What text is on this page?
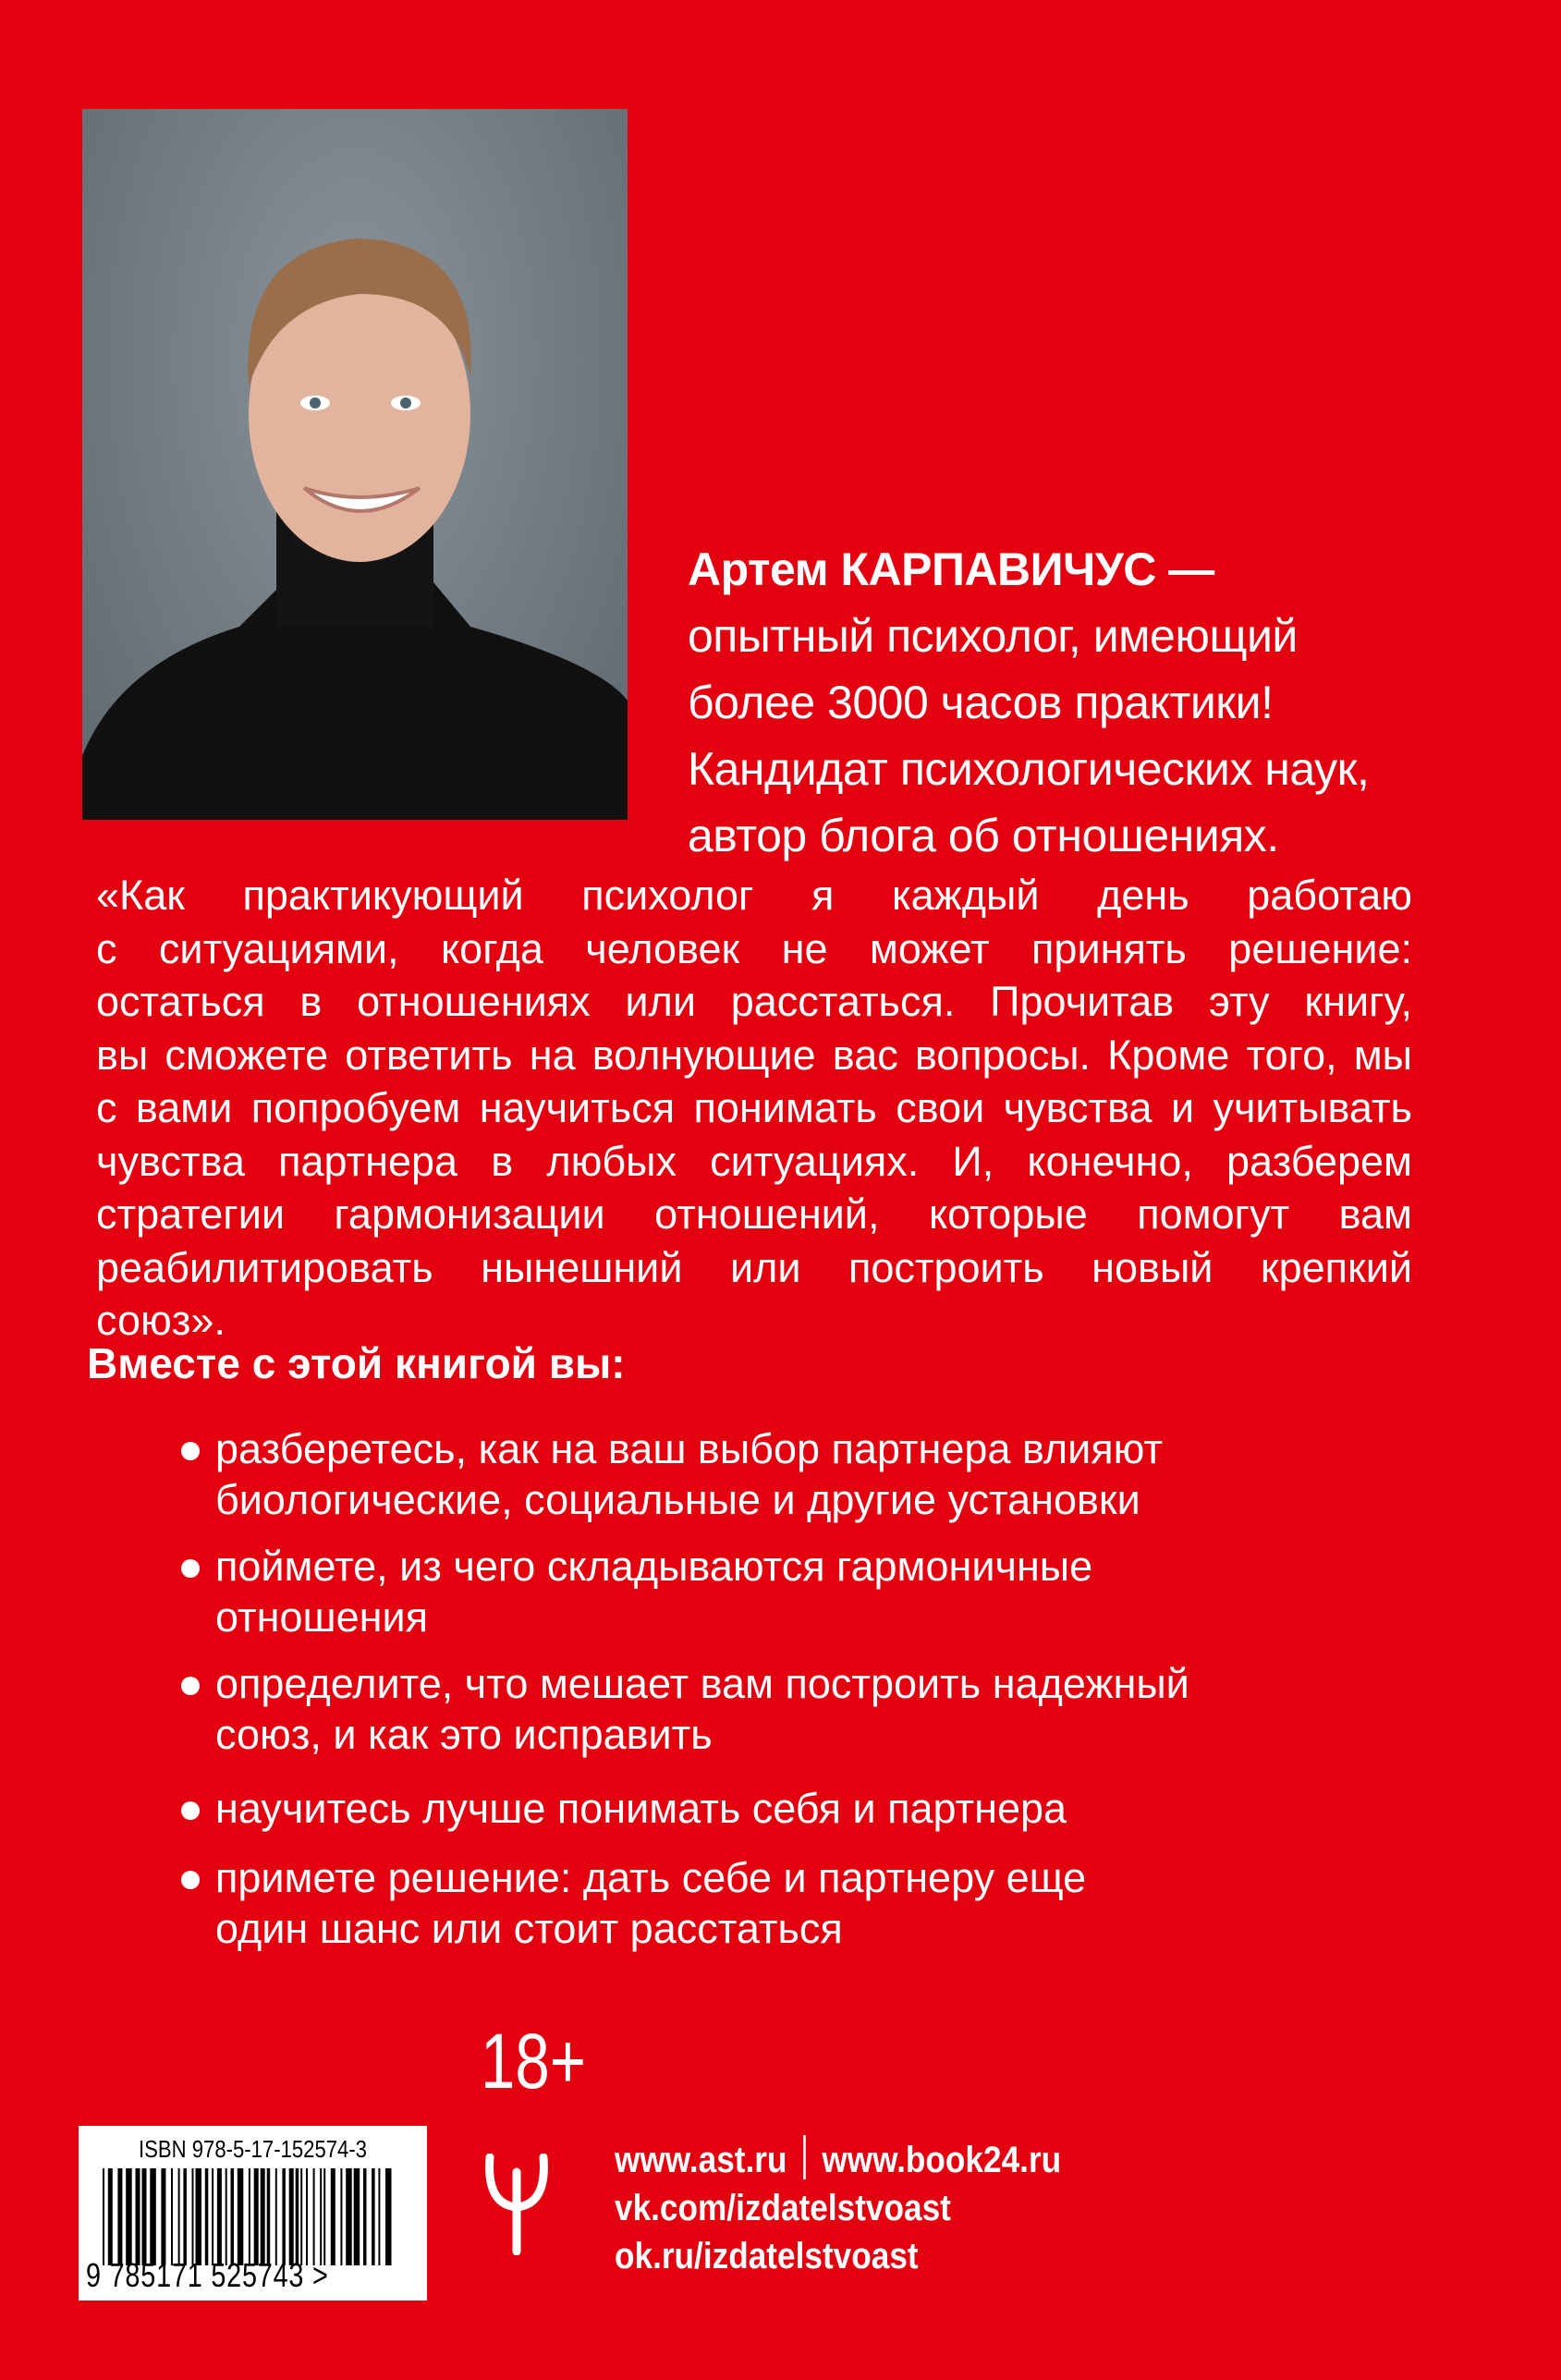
Артем КАРПАВИЧУС —
опытный психолог, имеющий
более 3000 часов практики!
Кандидат психологических наук,
автор блога об отношениях.
«Как практикующий психолог я каждый день работаю
с ситуациями, когда человек не может принять решение:
остаться в отношениях или расстаться. Прочитав эту книгу,
вы сможете ответить на волнующие вас вопросы. Кроме того, мы
с вами попробуем научиться понимать свои чувства и учитывать
чувства партнера в любых ситуациях. И, конечно, разберем
стратегии гармонизации отношений, которые помогут вам
реабилитировать нынешний или построить новый крепкий
союз».
Вместе с этой книгой вы:
разберетесь, как на ваш выбор партнера влияют
биологические, социальные и другие установки
поймете, из чего складываются гармоничные
отношения
определите, что мешает вам построить надежный
союз, и как это исправить
научитесь лучше понимать себя и партнера
примете решение: дать себе и партнеру еще
один шанс или стоит расстаться
18+
ISBN 978-5-17-152574-3
9 785171 525743 >
www.ast.ru www.book24.ru
vk.com/izdatelstvoast
ok.ru/izdatelstvoast
